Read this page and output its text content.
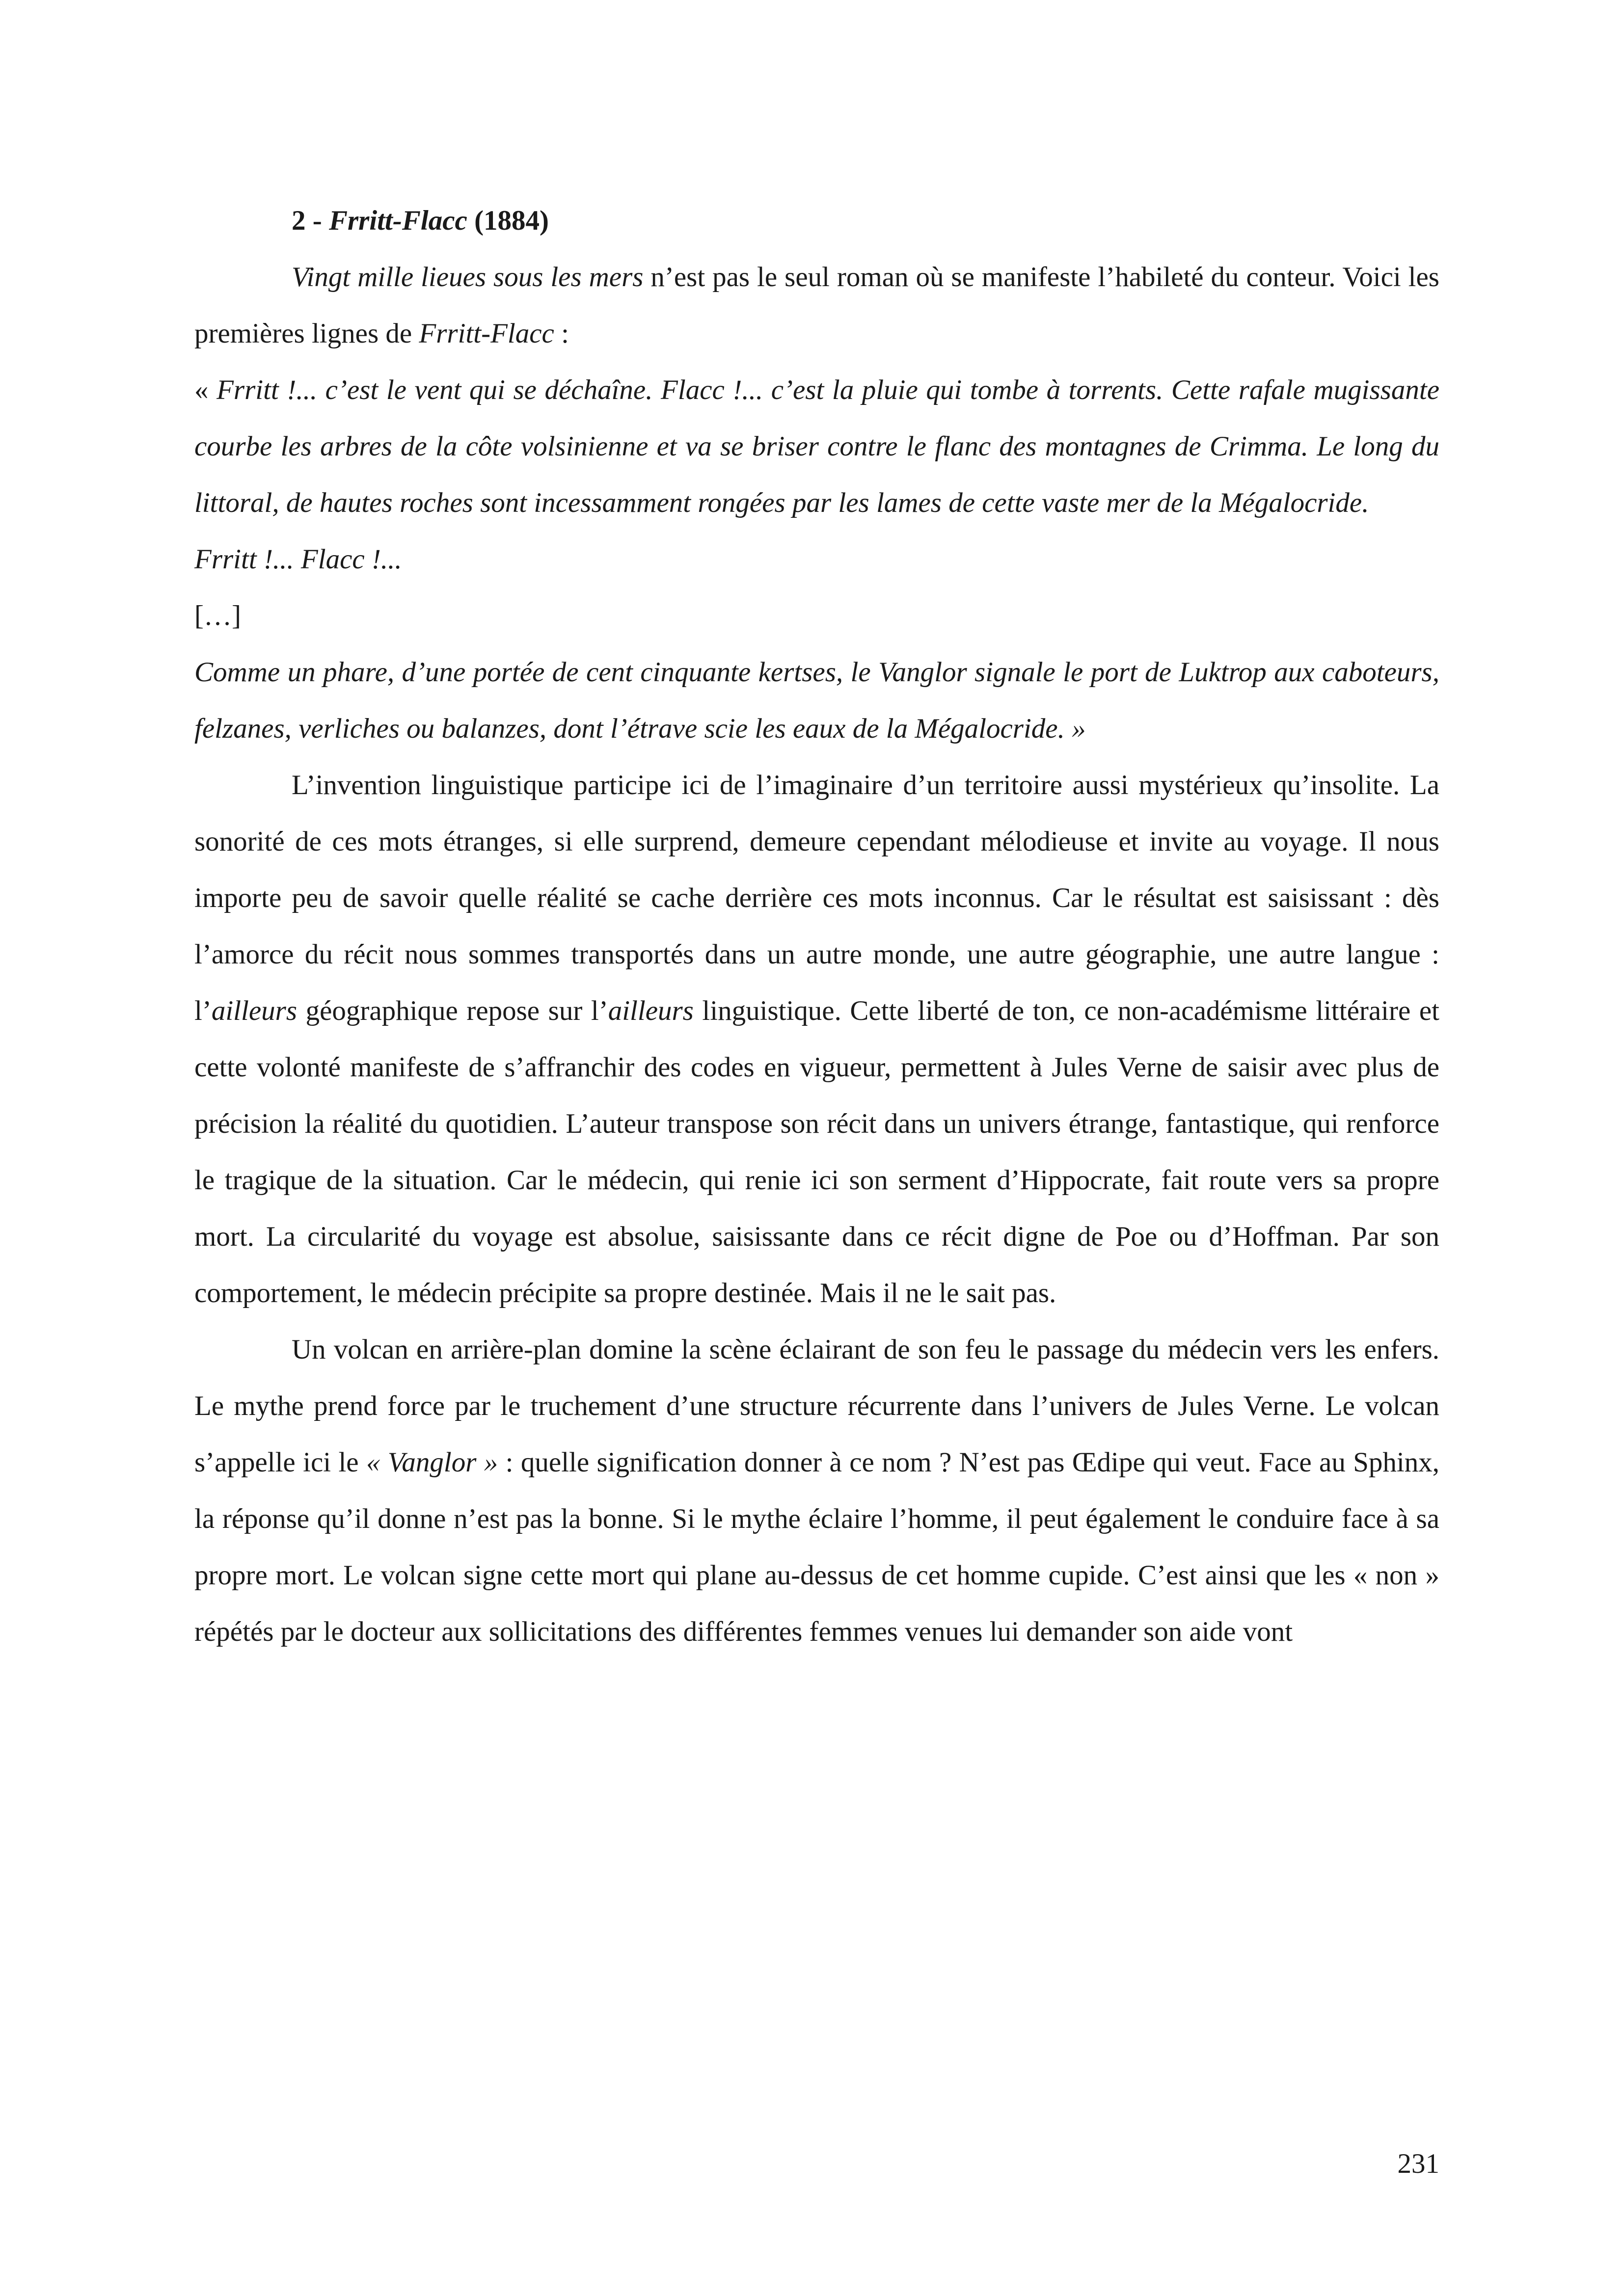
2 - Frritt-Flacc (1884)

Vingt mille lieues sous les mers n’est pas le seul roman où se manifeste l’habileté du conteur. Voici les premières lignes de Frritt-Flacc :

« Frritt !... c’est le vent qui se déchaîne. Flacc !... c’est la pluie qui tombe à torrents. Cette rafale mugissante courbe les arbres de la côte volsinienne et va se briser contre le flanc des montagnes de Crimma. Le long du littoral, de hautes roches sont incessamment rongées par les lames de cette vaste mer de la Mégalocride.

Frritt !... Flacc !...

[…]

Comme un phare, d’une portée de cent cinquante kertses, le Vanglor signale le port de Luktrop aux caboteurs, felzanes, verliches ou balanzes, dont l’étrave scie les eaux de la Mégalocride. »

L’invention linguistique participe ici de l’imaginaire d’un territoire aussi mystérieux qu’insolite. La sonorité de ces mots étranges, si elle surprend, demeure cependant mélodieuse et invite au voyage. Il nous importe peu de savoir quelle réalité se cache derrière ces mots inconnus. Car le résultat est saisissant : dès l’amorce du récit nous sommes transportés dans un autre monde, une autre géographie, une autre langue : l’ailleurs géographique repose sur l’ailleurs linguistique. Cette liberté de ton, ce non-académisme littéraire et cette volonté manifeste de s’affranchir des codes en vigueur, permettent à Jules Verne de saisir avec plus de précision la réalité du quotidien. L’auteur transpose son récit dans un univers étrange, fantastique, qui renforce le tragique de la situation. Car le médecin, qui renie ici son serment d’Hippocrate, fait route vers sa propre mort. La circularité du voyage est absolue, saisissante dans ce récit digne de Poe ou d’Hoffman. Par son comportement, le médecin précipite sa propre destinée. Mais il ne le sait pas.

Un volcan en arrière-plan domine la scène éclairant de son feu le passage du médecin vers les enfers. Le mythe prend force par le truchement d’une structure récurrente dans l’univers de Jules Verne. Le volcan s’appelle ici le « Vanglor » : quelle signification donner à ce nom ? N’est pas Œdipe qui veut. Face au Sphinx, la réponse qu’il donne n’est pas la bonne. Si le mythe éclaire l’homme, il peut également le conduire face à sa propre mort. Le volcan signe cette mort qui plane au-dessus de cet homme cupide. C’est ainsi que les « non » répétés par le docteur aux sollicitations des différentes femmes venues lui demander son aide vont

231
